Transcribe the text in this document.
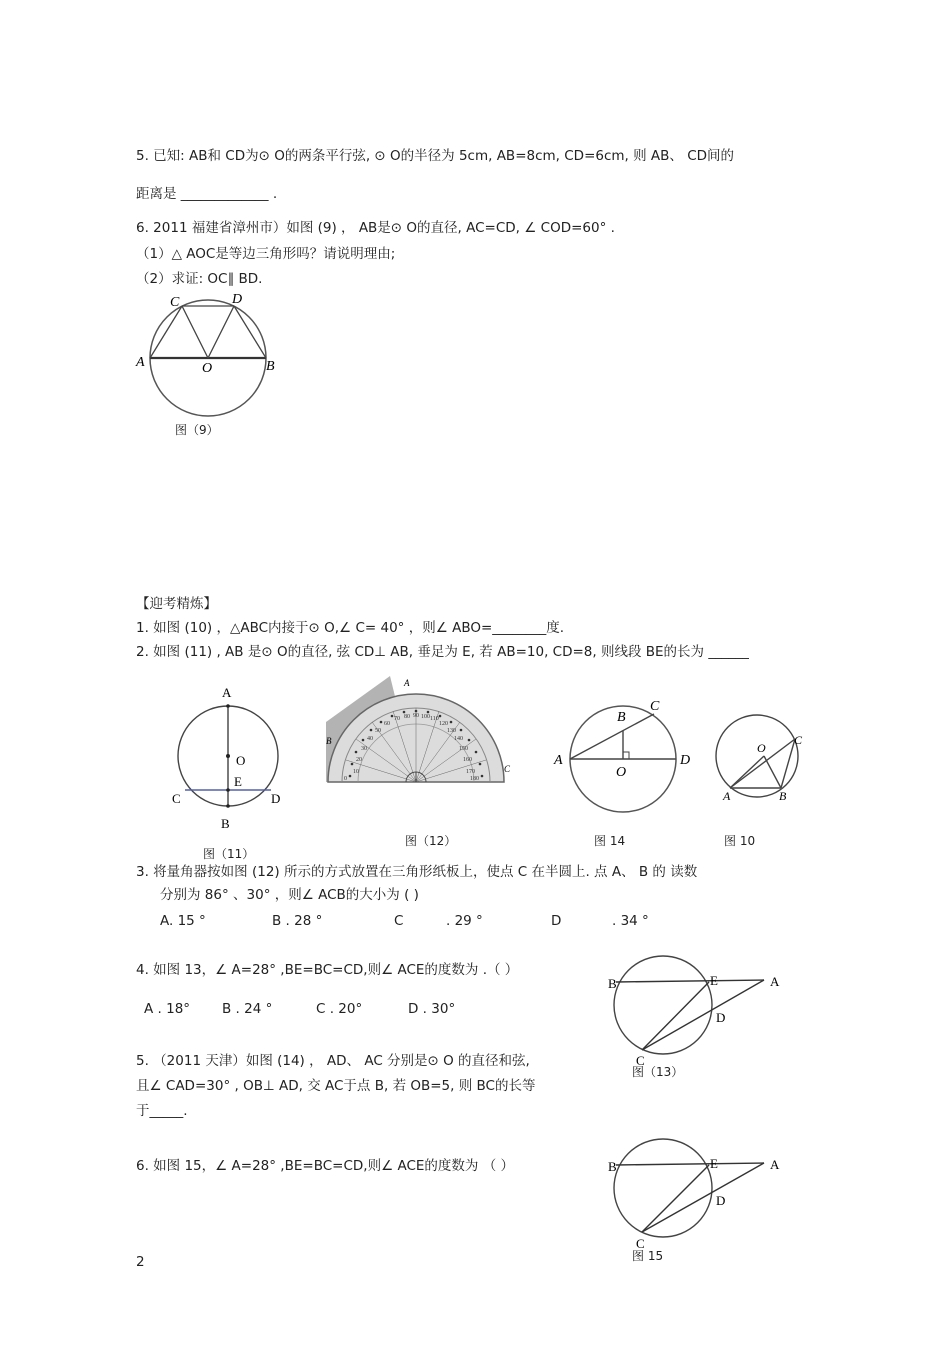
5. 已知: AB和 CD为⊙ O的两条平行弦, ⊙ O的半径为 5cm, AB=8cm, CD=6cm, 则 AB、 CD间的
距离是 _____________ .
6. 2011 福建省漳州市）如图 (9) ， AB是⊙ O的直径, AC=CD, ∠ COD=60° .
（1）△ AOC是等边三角形吗？请说明理由;
（2）求证: OC∥ BD.
C	D
A	B
O
图（9）
【迎考精炼】
1. 如图 (10) ，△ABC内接于⊙ O,∠ C= 40° ，则∠ ABO=________度.
2. 如图 (11) , AB 是⊙ O的直径, 弦 CD⊥ AB, 垂足为 E, 若 AB=10, CD=8, 则线段 BE的长为 ______
A
O
E
C	D
B
图（11）
10
20
30
40
50
60
70 80 90 100 110
120
130
140
150
160
170
180
0
A
B
C
图（12）
A
B
C
D
O
图 14
A	B
C
O
图 10
3. 将量角器按如图 (12) 所示的方式放置在三角形纸板上，使点 C 在半圆上. 点 A、 B 的 读数
分别为 86° 、30° ，则∠ ACB的大小为 ( )
A. 15 °	B . 28 °	C	. 29 °	D	. 34 °
4. 如图 13，∠ A=28° ,BE=BC=CD,则∠ ACE的度数为 .（ ）
A . 18° B . 24 °	C . 20°	D . 30°
B	E	A
D
C
图（13）
5. （2011 天津）如图 (14) ， AD、 AC 分别是⊙ O 的直径和弦,
且∠ CAD=30° , OB⊥ AD, 交 AC于点 B, 若 OB=5, 则 BC的长等
于_____.
6. 如图 15，∠ A=28° ,BE=BC=CD,则∠ ACE的度数为 （ ）	B	E	A
D
C
图 15
2
